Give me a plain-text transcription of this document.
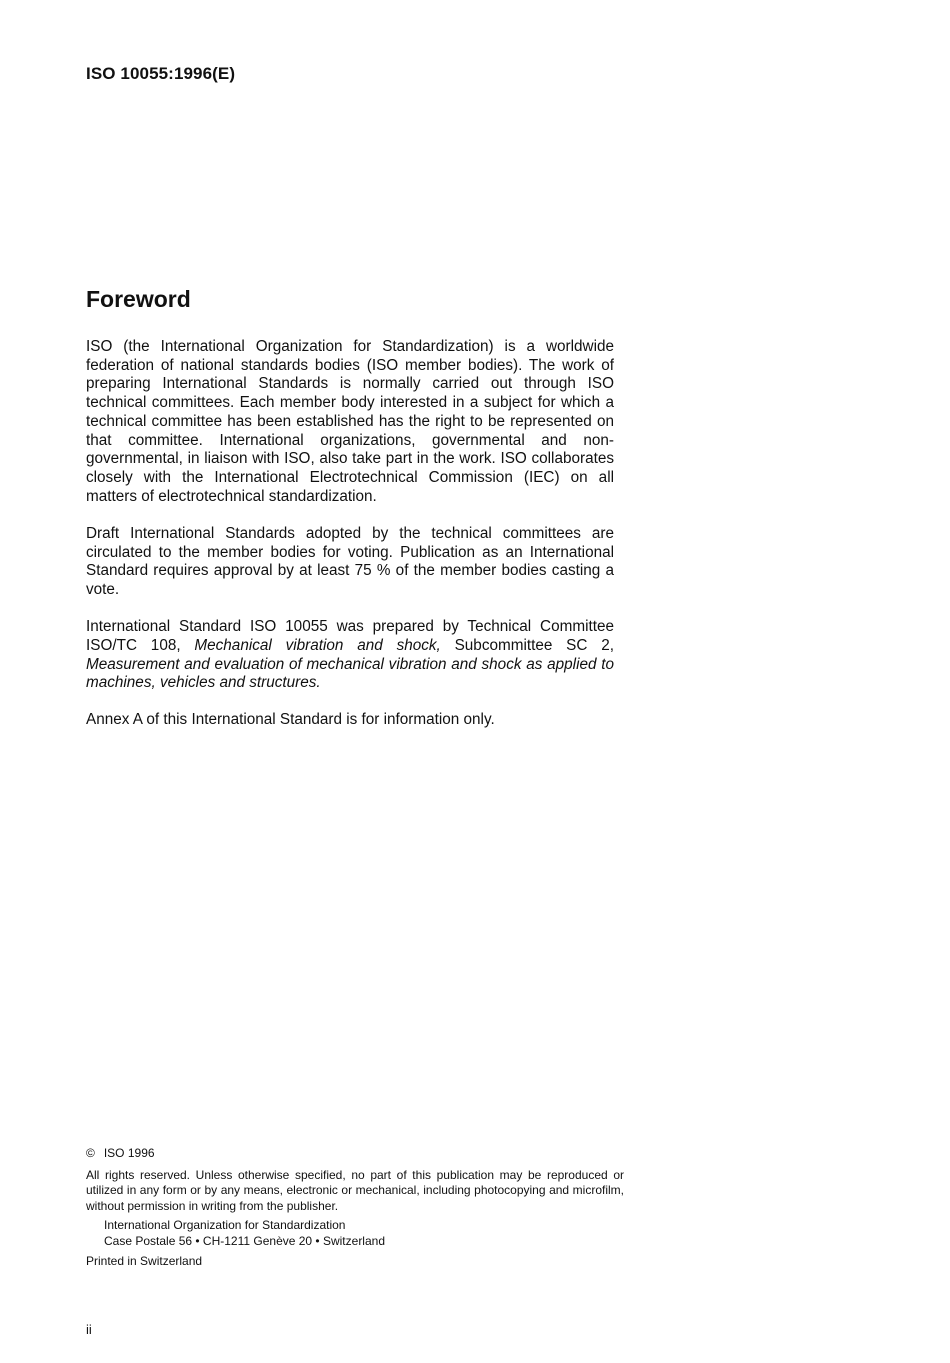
ISO 10055:1996(E)
Foreword

ISO (the International Organization for Standardization) is a worldwide federation of national standards bodies (ISO member bodies). The work of preparing International Standards is normally carried out through ISO technical committees. Each member body interested in a subject for which a technical committee has been established has the right to be represented on that committee. International organizations, governmental and non-governmental, in liaison with ISO, also take part in the work. ISO collaborates closely with the International Electrotechnical Commission (IEC) on all matters of electrotechnical standardization.

Draft International Standards adopted by the technical committees are circulated to the member bodies for voting. Publication as an International Standard requires approval by at least 75 % of the member bodies casting a vote.

International Standard ISO 10055 was prepared by Technical Committee ISO/TC 108, Mechanical vibration and shock, Subcommittee SC 2, Measurement and evaluation of mechanical vibration and shock as applied to machines, vehicles and structures.

Annex A of this International Standard is for information only.

© ISO 1996
All rights reserved. Unless otherwise specified, no part of this publication may be reproduced or utilized in any form or by any means, electronic or mechanical, including photocopying and microfilm, without permission in writing from the publisher.
International Organization for Standardization
Case Postale 56 • CH-1211 Genève 20 • Switzerland
Printed in Switzerland
ii
